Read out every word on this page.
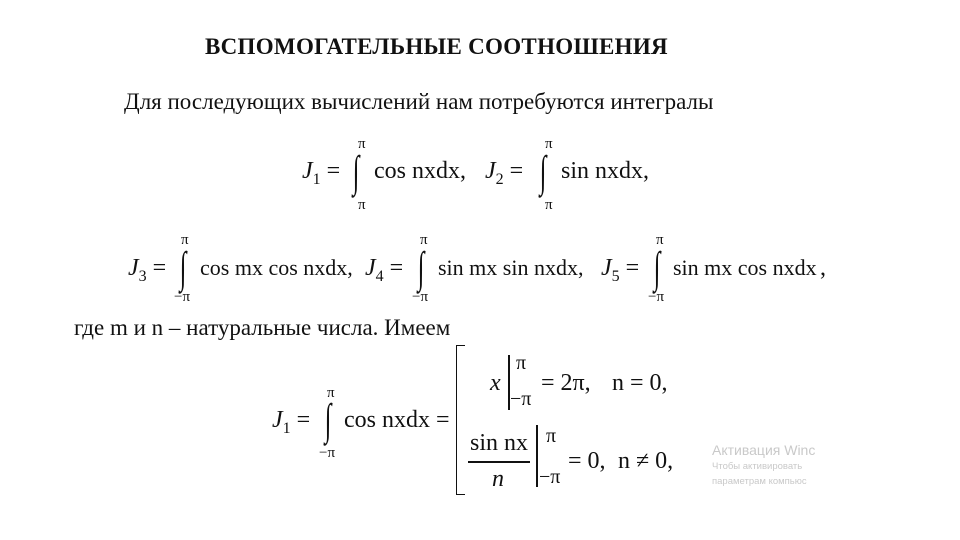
ВСПОМОГАТЕЛЬНЫЕ СООТНОШЕНИЯ
Для последующих вычислений нам потребуются интегралы
$J_1$ =
π
∫
π
cos nxdx, $J_2$ =
π
∫
π
sin nxdx,
$J_3$ =
π
∫
−π
cos mx cos nxdx, $J_4$ =
π
∫
−π
sin mx sin nxdx, $J_5$ =
π
∫
−π
sin mx cos nxdx ,
где m и n – натуральные числа. Имеем
$J_1$ =
π
∫
−π
cos nxdx =
x
π
−π
= 2π, n = 0,
sin nx
n
π
−π
= 0, n ≠ 0,	Активация Winc
Чтобы активировать
параметрам компьюс
